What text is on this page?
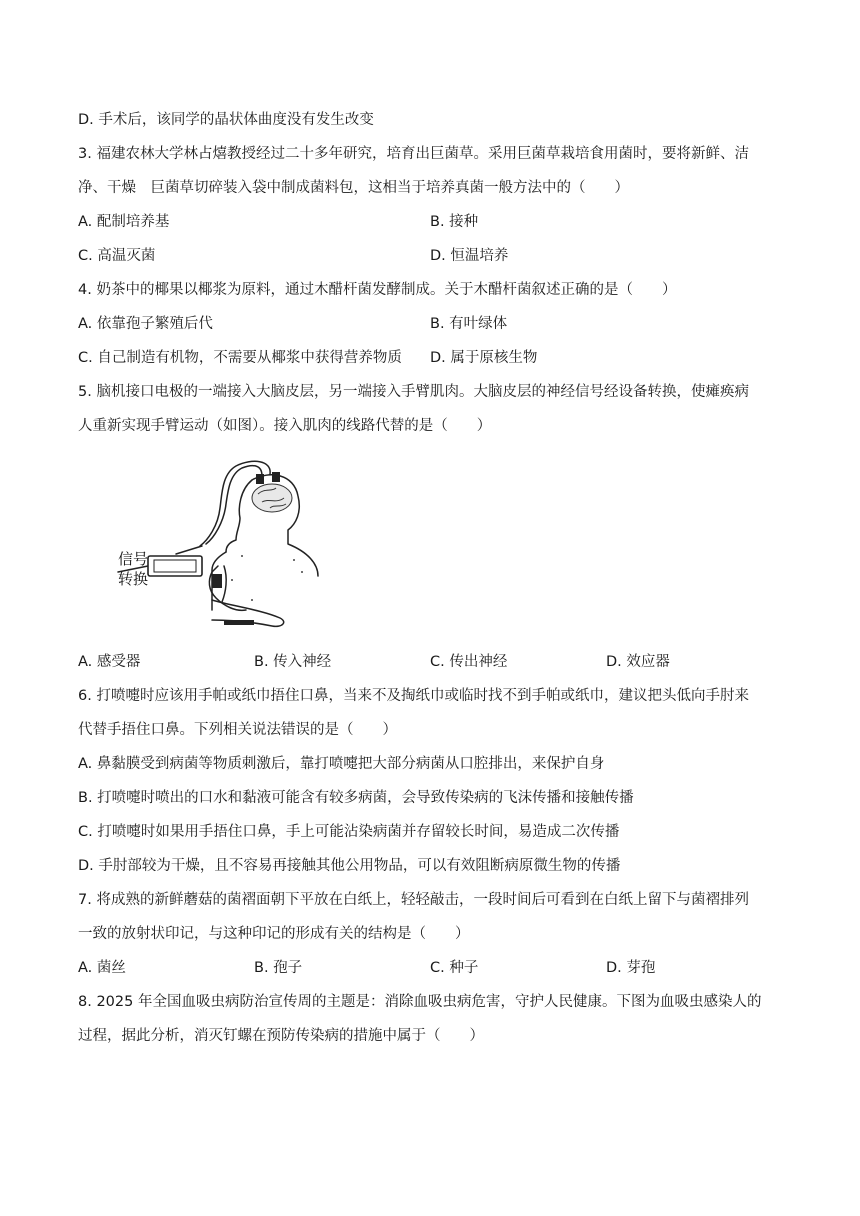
D. 手术后，该同学的晶状体曲度没有发生改变
3. 福建农林大学林占熺教授经过二十多年研究，培育出巨菌草。采用巨菌草栽培食用菌时，要将新鲜、洁
净、干燥　巨菌草切碎装入袋中制成菌料包，这相当于培养真菌一般方法中的（　　）
A. 配制培养基	B. 接种
C. 高温灭菌	D. 恒温培养
4. 奶茶中的椰果以椰浆为原料，通过木醋杆菌发酵制成。关于木醋杆菌叙述正确的是（　　）
A. 依靠孢子繁殖后代	B. 有叶绿体
C. 自己制造有机物，不需要从椰浆中获得营养物质 D. 属于原核生物
5. 脑机接口电极的一端接入大脑皮层，另一端接入手臂肌肉。大脑皮层的神经信号经设备转换，使瘫痪病
人重新实现手臂运动（如图）。接入肌肉的线路代替的是（　　）
信号
转换
A. 感受器	B. 传入神经	C. 传出神经	D. 效应器
6. 打喷嚏时应该用手帕或纸巾捂住口鼻，当来不及掏纸巾或临时找不到手帕或纸巾，建议把头低向手肘来
代替手捂住口鼻。下列相关说法错误的是（　　）
A. 鼻黏膜受到病菌等物质刺激后，靠打喷嚏把大部分病菌从口腔排出，来保护自身
B. 打喷嚏时喷出的口水和黏液可能含有较多病菌，会导致传染病的飞沫传播和接触传播
C. 打喷嚏时如果用手捂住口鼻，手上可能沾染病菌并存留较长时间，易造成二次传播
D. 手肘部较为干燥，且不容易再接触其他公用物品，可以有效阻断病原微生物的传播
7. 将成熟的新鲜蘑菇的菌褶面朝下平放在白纸上，轻轻敲击，一段时间后可看到在白纸上留下与菌褶排列
一致的放射状印记，与这种印记的形成有关的结构是（　　）
A. 菌丝	B. 孢子	C. 种子	D. 芽孢
8. 2025 年全国血吸虫病防治宣传周的主题是：消除血吸虫病危害，守护人民健康。下图为血吸虫感染人的
过程，据此分析，消灭钉螺在预防传染病的措施中属于（　　）
